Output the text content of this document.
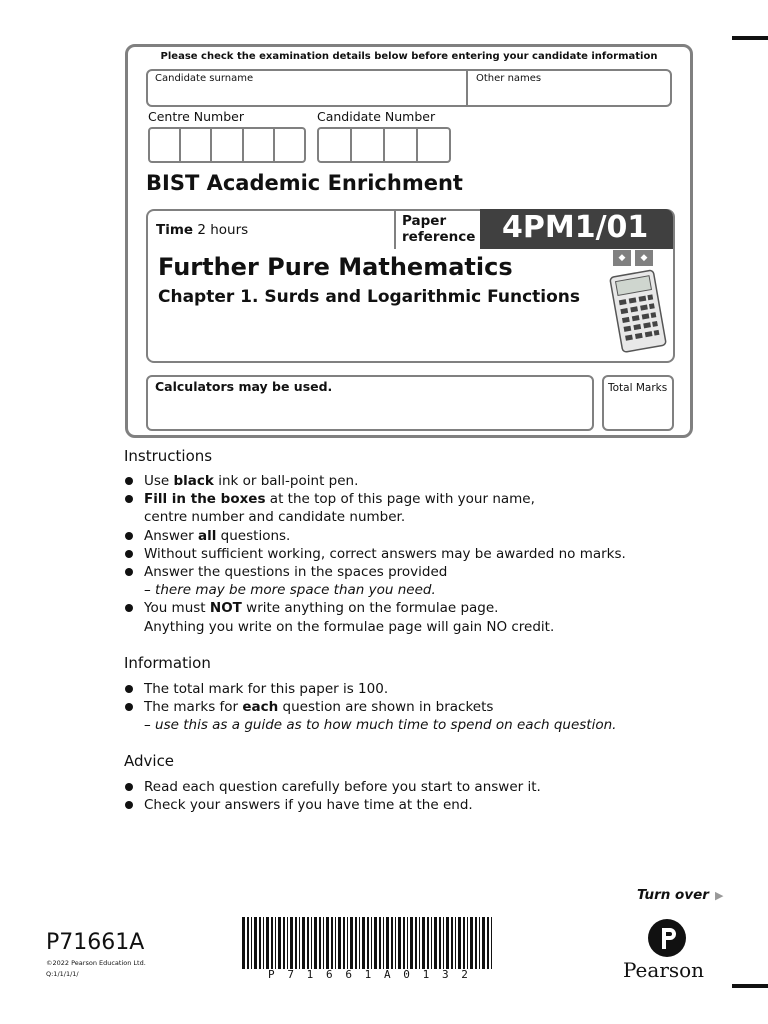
Please check the examination details below before entering your candidate information
Candidate surname	Other names
Centre Number	Candidate Number
BIST Academic Enrichment
Time 2 hours
Paper
reference 4PM1/01
◆	◆
Further Pure Mathematics
Chapter 1. Surds and Logarithmic Functions
Calculators may be used.	Total Marks
Instructions
Use black ink or ball-point pen.
Fill in the boxes at the top of this page with your name,
centre number and candidate number.
Answer all questions.
Without sufficient working, correct answers may be awarded no marks.
Answer the questions in the spaces provided
– there may be more space than you need.
You must NOT write anything on the formulae page.
Anything you write on the formulae page will gain NO credit.
Information
The total mark for this paper is 100.
The marks for each question are shown in brackets
– use this as a guide as to how much time to spend on each question.
Advice
Read each question carefully before you start to answer it.
Check your answers if you have time at the end.
Turn over ▶
P71661A
©2022 Pearson Education Ltd.
Q:1/1/1/1/	P 7 1 6 6 1 A 0 1 3 2	Pearson
